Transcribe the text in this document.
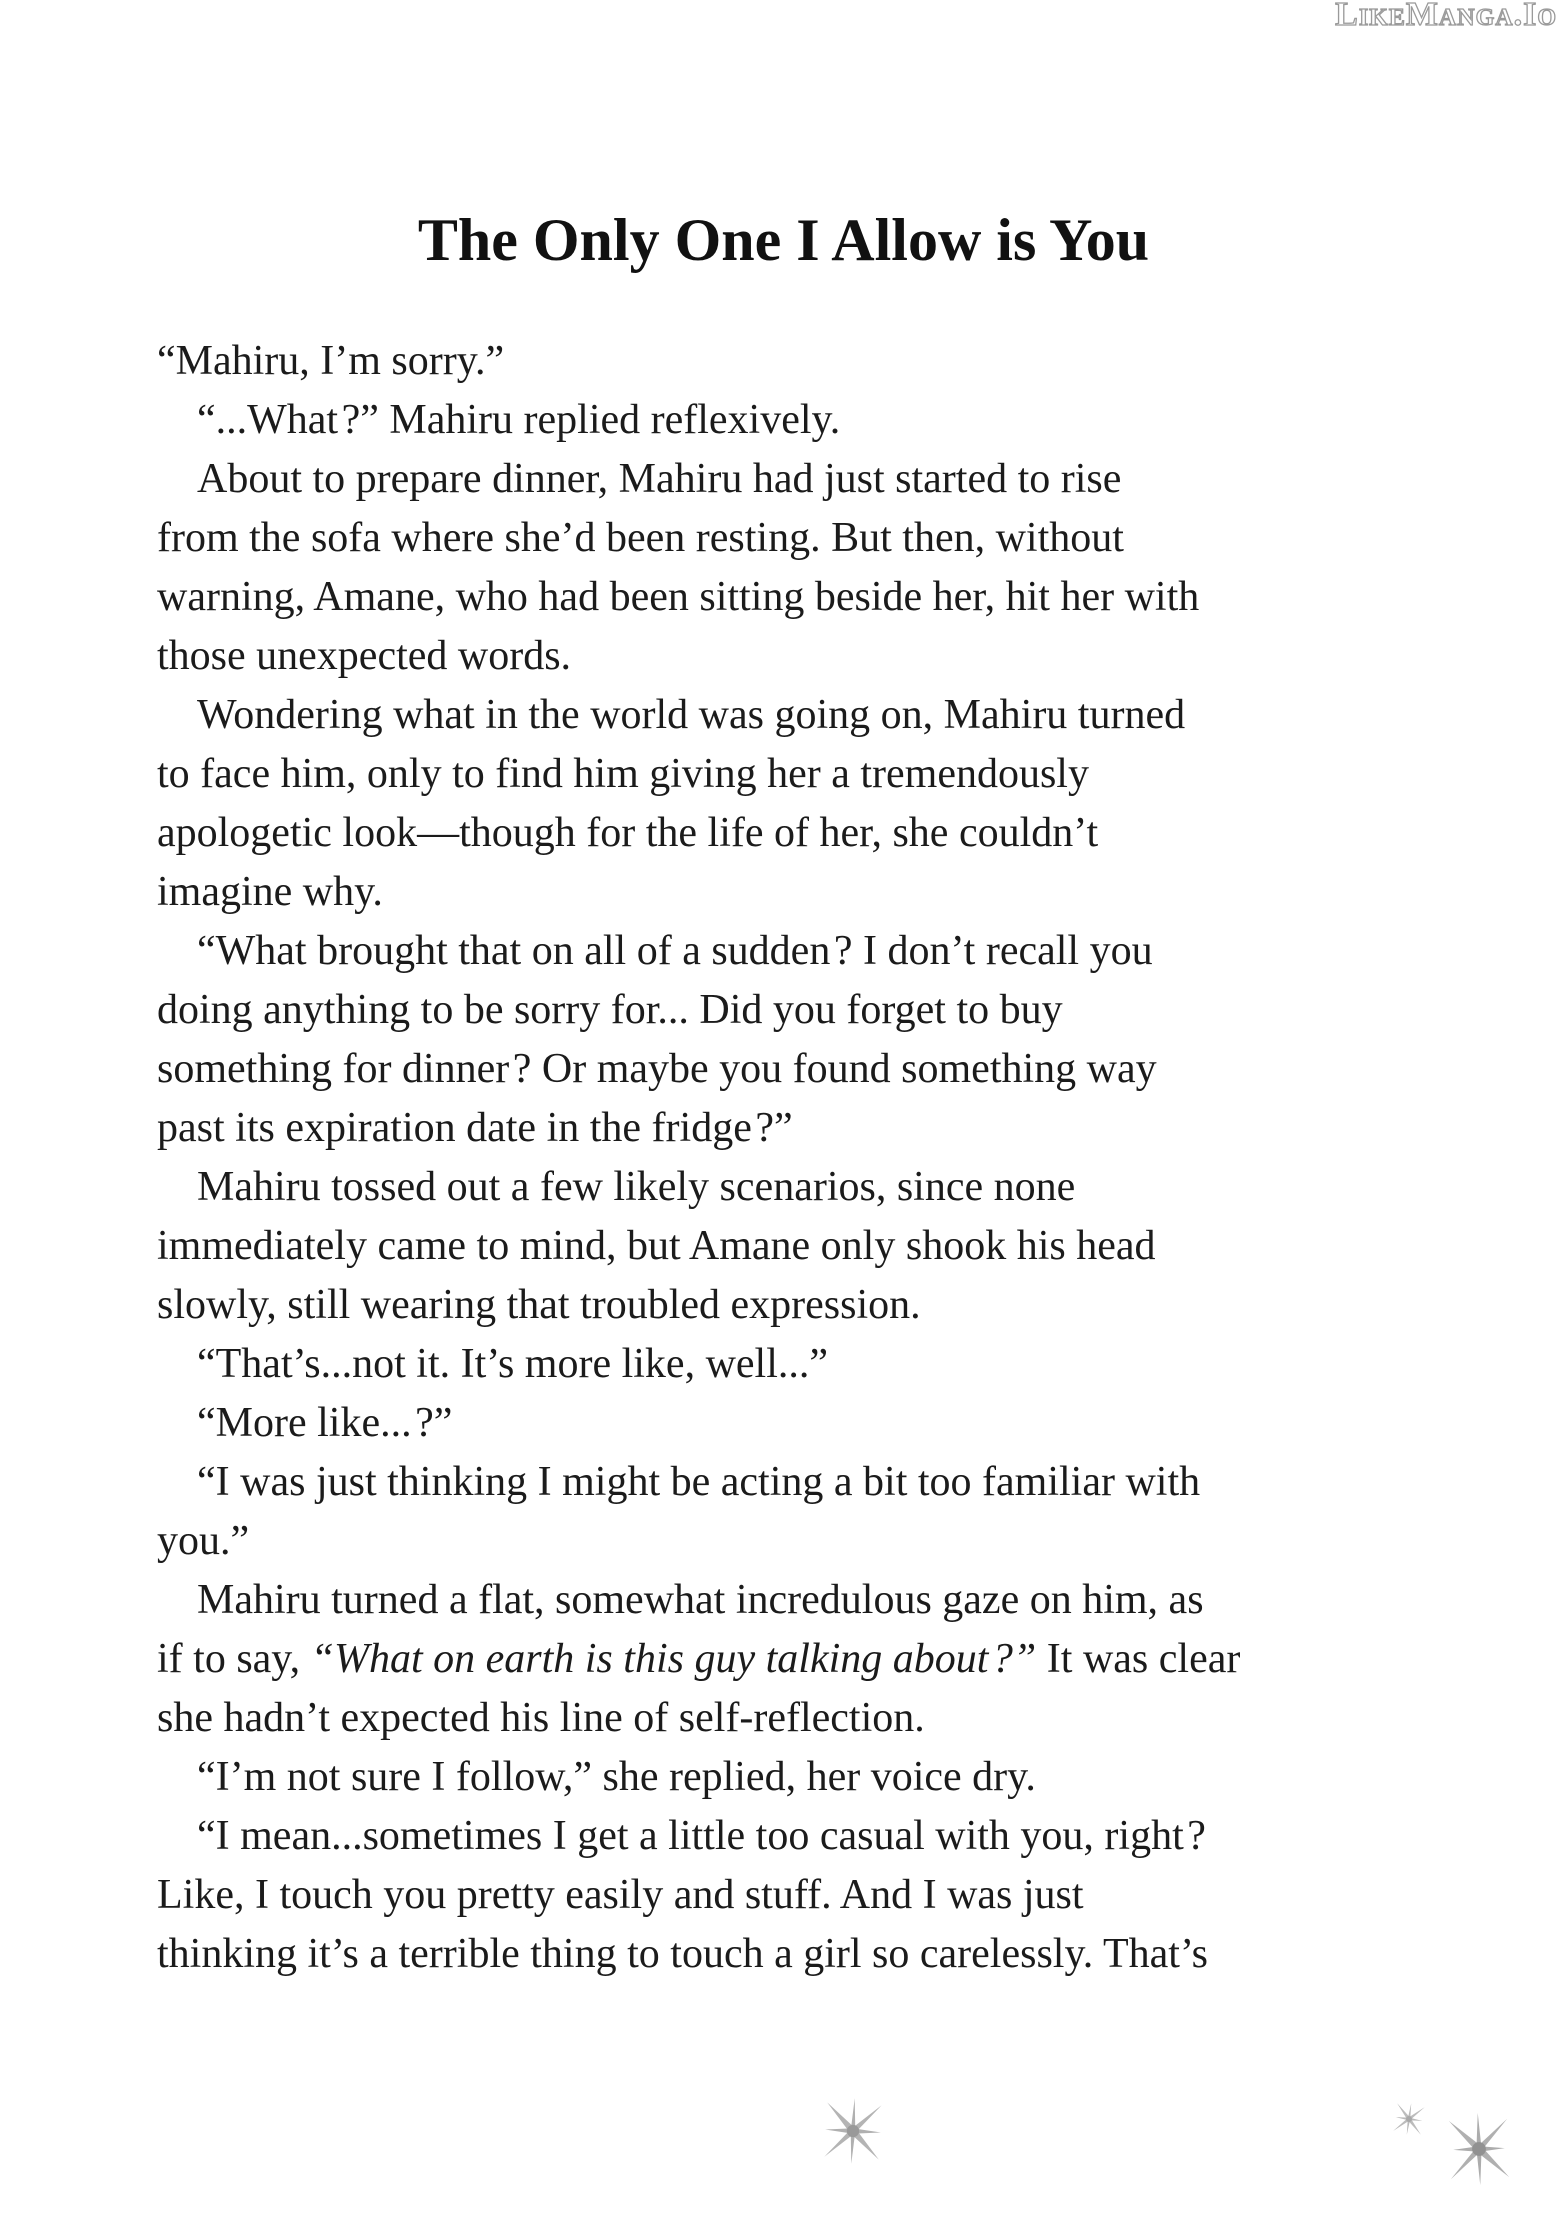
LikeManga.Io
The Only One I Allow is You
“Mahiru, I’m sorry.”
“...What ?” Mahiru replied reflexively.
About to prepare dinner, Mahiru had just started to rise
from the sofa where she’d been resting. But then, without
warning, Amane, who had been sitting beside her, hit her with
those unexpected words.
Wondering what in the world was going on, Mahiru turned
to face him, only to find him giving her a tremendously
apologetic look—though for the life of her, she couldn’t
imagine why.
“What brought that on all of a sudden ? I don’t recall you
doing anything to be sorry for... Did you forget to buy
something for dinner ? Or maybe you found something way
past its expiration date in the fridge ?”
Mahiru tossed out a few likely scenarios, since none
immediately came to mind, but Amane only shook his head
slowly, still wearing that troubled expression.
“That’s...not it. It’s more like, well...”
“More like... ?”
“I was just thinking I might be acting a bit too familiar with
you.”
Mahiru turned a flat, somewhat incredulous gaze on him, as
if to say, “What on earth is this guy talking about ?” It was clear
she hadn’t expected his line of self-reflection.
“I’m not sure I follow,” she replied, her voice dry.
“I mean...sometimes I get a little too casual with you, right ?
Like, I touch you pretty easily and stuff. And I was just
thinking it’s a terrible thing to touch a girl so carelessly. That’s
